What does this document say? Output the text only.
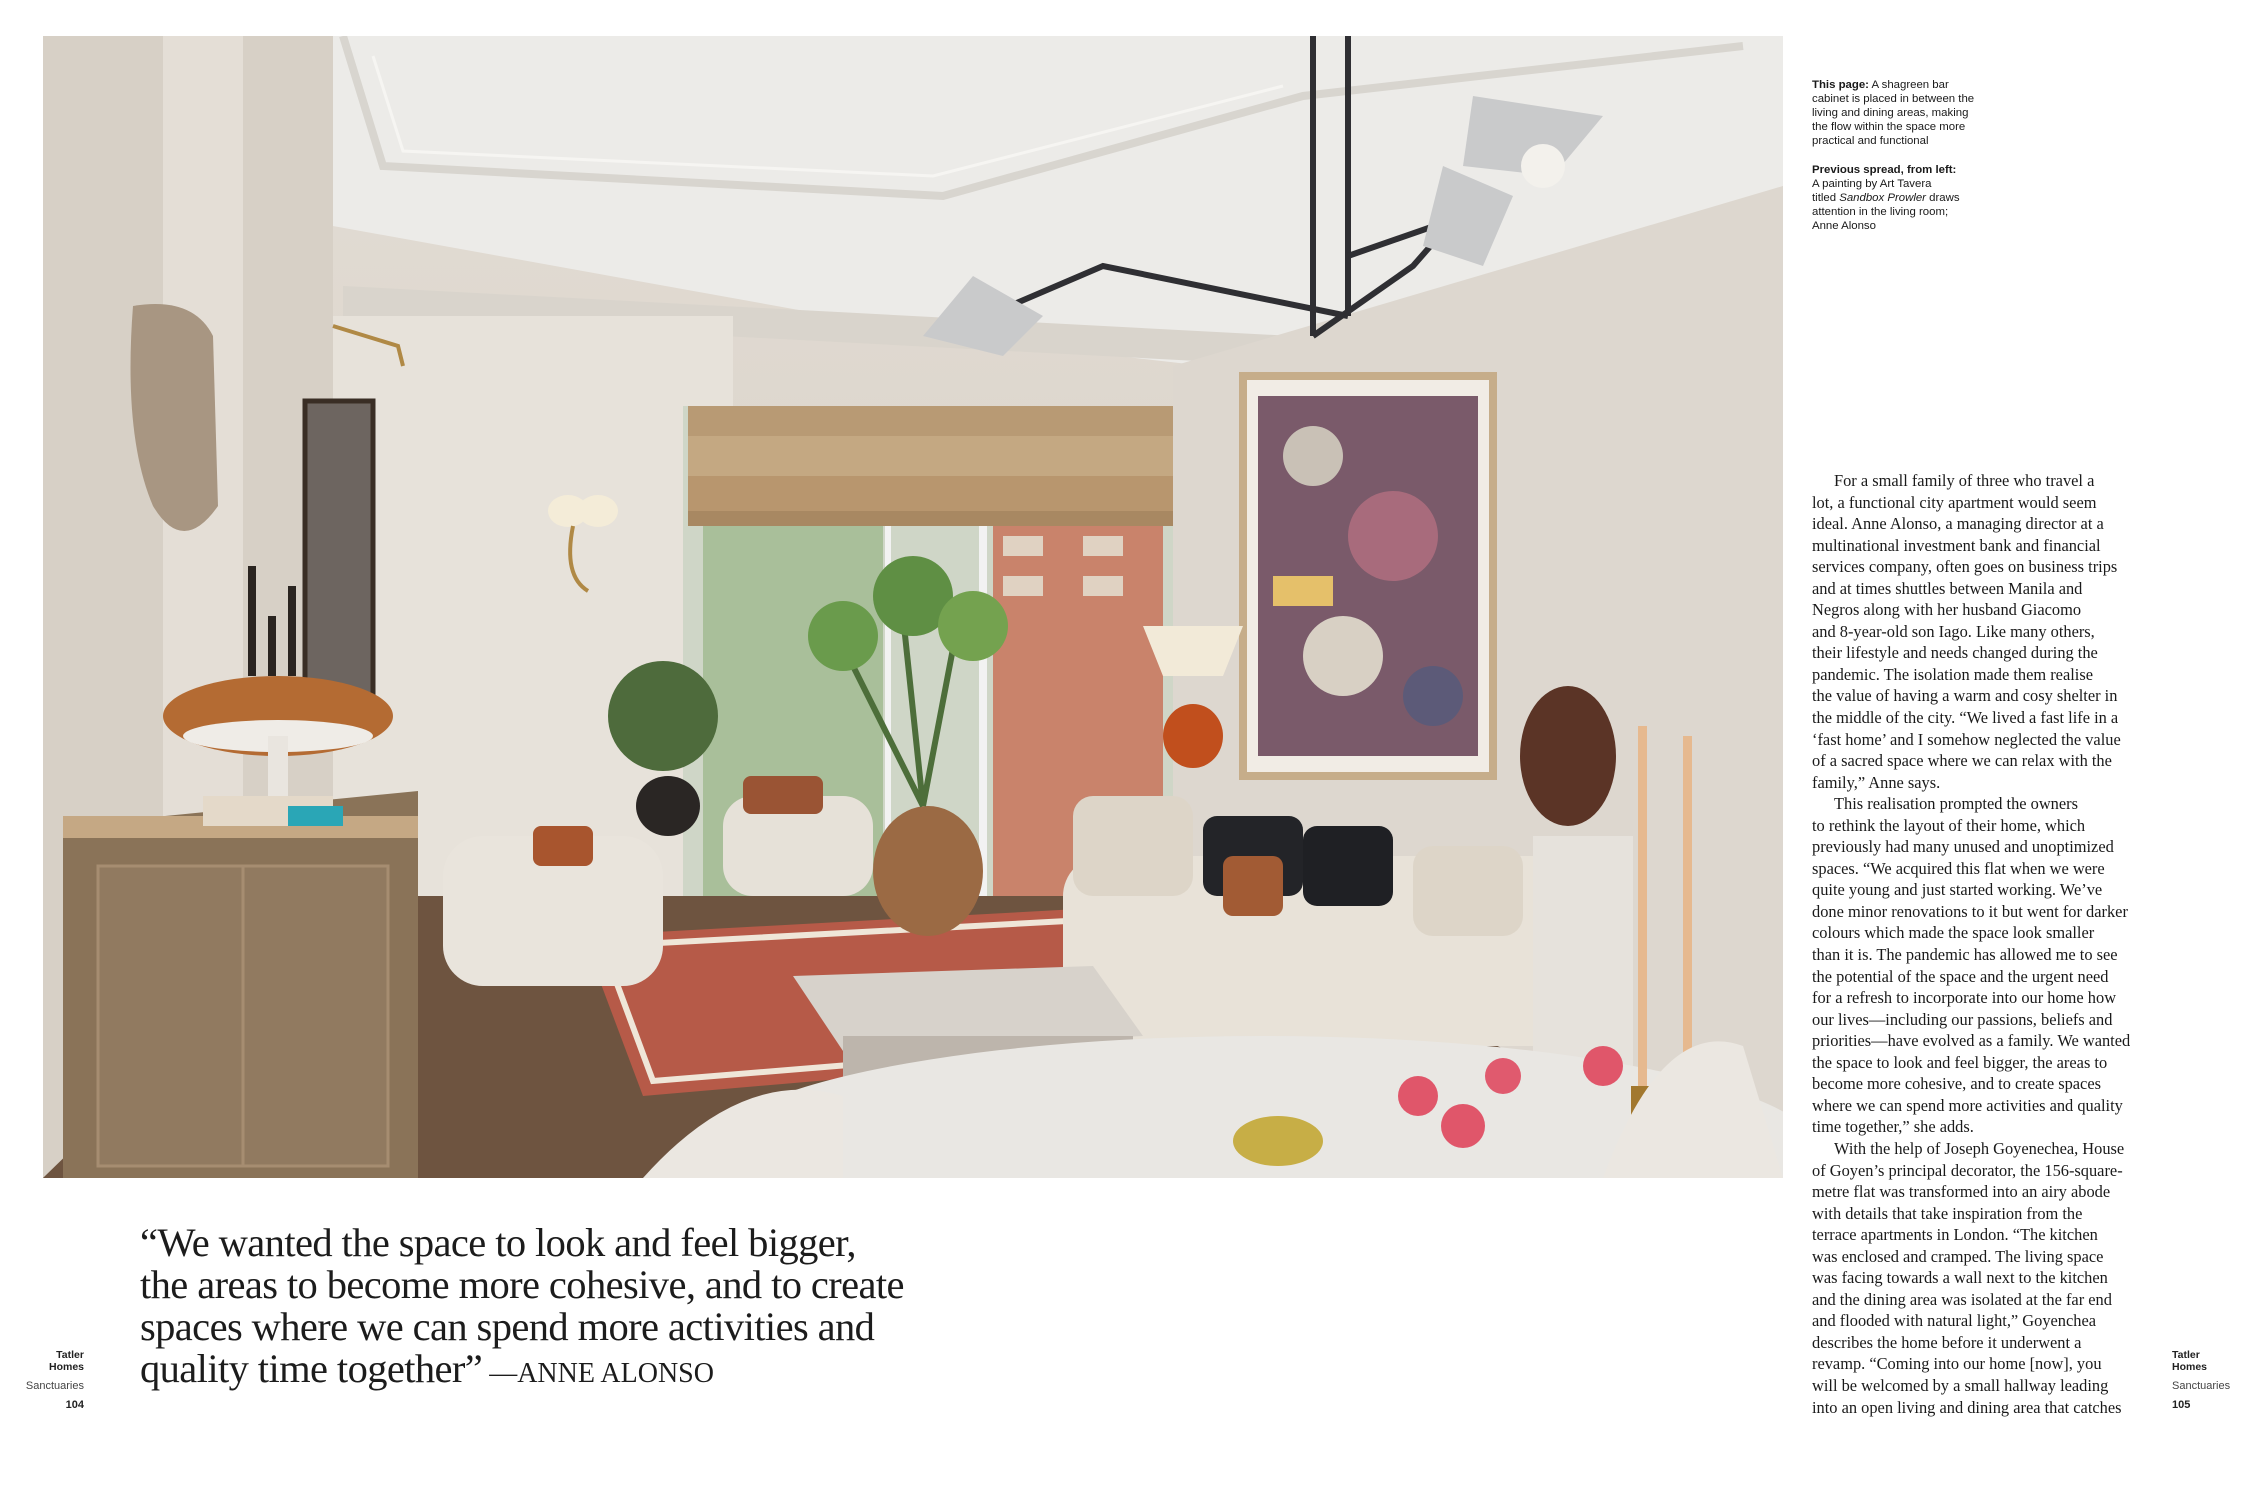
This page: A shagreen bar
cabinet is placed in between the
living and dining areas, making
the flow within the space more
practical and functional
Previous spread, from left:
A painting by Art Tavera
titled Sandbox Prowler draws
attention in the living room;
Anne Alonso

For a small family of three who travel a
lot, a functional city apartment would seem
ideal. Anne Alonso, a managing director at a
multinational investment bank and financial
services company, often goes on business trips
and at times shuttles between Manila and
Negros along with her husband Giacomo
and 8-year-old son Iago. Like many others,
their lifestyle and needs changed during the
pandemic. The isolation made them realise
the value of having a warm and cosy shelter in
the middle of the city. “We lived a fast life in a
‘fast home’ and I somehow neglected the value
of a sacred space where we can relax with the
family,” Anne says.

This realisation prompted the owners
to rethink the layout of their home, which
previously had many unused and unoptimized
spaces. “We acquired this flat when we were
quite young and just started working. We’ve
done minor renovations to it but went for darker
colours which made the space look smaller
than it is. The pandemic has allowed me to see
the potential of the space and the urgent need
for a refresh to incorporate into our home how
our lives—including our passions, beliefs and
priorities—have evolved as a family. We wanted
the space to look and feel bigger, the areas to
become more cohesive, and to create spaces
where we can spend more activities and quality
time together,” she adds.

With the help of Joseph Goyenechea, House
of Goyen’s principal decorator, the 156-square-
metre flat was transformed into an airy abode
with details that take inspiration from the
terrace apartments in London. “The kitchen
was enclosed and cramped. The living space
was facing towards a wall next to the kitchen
and the dining area was isolated at the far end
and flooded with natural light,” Goyenchea
describes the home before it underwent a
revamp. “Coming into our home [now], you
will be welcomed by a small hallway leading
into an open living and dining area that catches

“We wanted the space to look and feel bigger,
the areas to become more cohesive, and to create
spaces where we can spend more activities and
quality time together” —ANNE ALONSO
Tatler
Homes
Sanctuaries
104
Tatler
Homes
Sanctuaries
105
